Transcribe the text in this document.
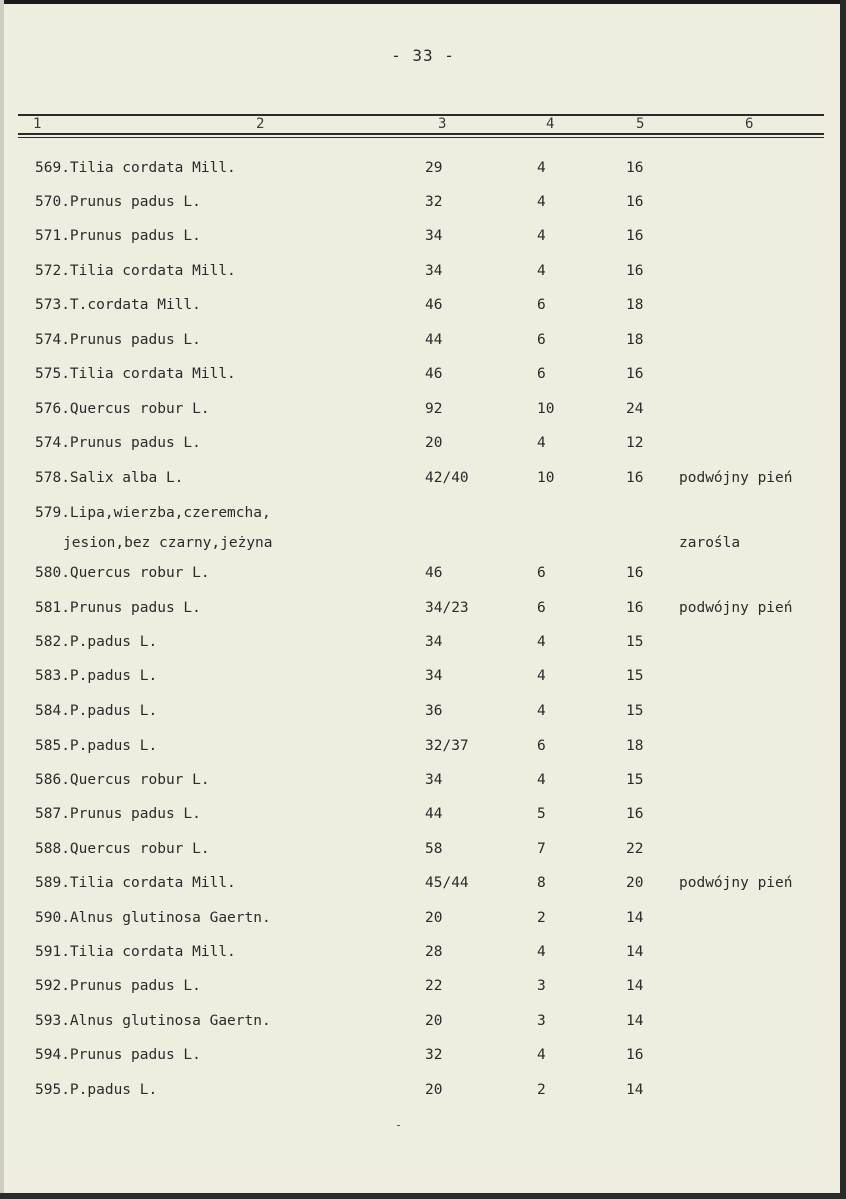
- 33 -
1	2	3	4	5	6
569.Tilia cordata Mill.	29	4	16
570.Prunus padus L.	32	4	16
571.Prunus padus L.	34	4	16
572.Tilia cordata Mill.	34	4	16
573.T.cordata Mill.	46	6	18
574.Prunus padus L.	44	6	18
575.Tilia cordata Mill.	46	6	16
576.Quercus robur L.	92	10	24
574.Prunus padus L.	20	4	12
578.Salix alba L.	42/40	10	16 podwójny pień
579.Lipa,wierzba,czeremcha,
jesion,bez czarny,jeżyna	zarośla
580.Quercus robur L.	46	6	16
581.Prunus padus L.	34/23	6	16 podwójny pień
582.P.padus L.	34	4	15
583.P.padus L.	34	4	15
584.P.padus L.	36	4	15
585.P.padus L.	32/37	6	18
586.Quercus robur L.	34	4	15
587.Prunus padus L.	44	5	16
588.Quercus robur L.	58	7	22
589.Tilia cordata Mill.	45/44	8	20 podwójny pień
590.Alnus glutinosa Gaertn.	20	2	14
591.Tilia cordata Mill.	28	4	14
592.Prunus padus L.	22	3	14
593.Alnus glutinosa Gaertn.	20	3	14
594.Prunus padus L.	32	4	16
595.P.padus L.	20	2	14
